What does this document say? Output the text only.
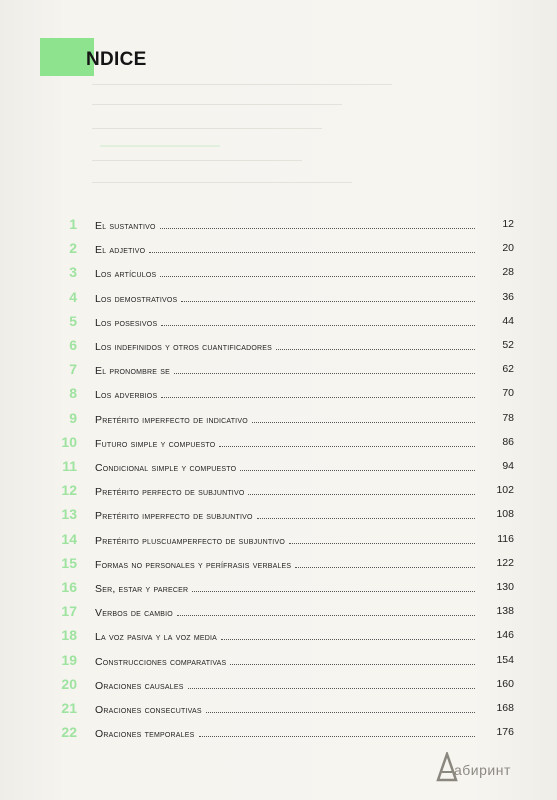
NDICE
1 El sustantivo	12
2 El adjetivo	20
3 Los artículos	28
4 Los demostrativos	36
5 Los posesivos	44
6 Los indefinidos y otros cuantificadores	52
7 El pronombre se	62
8 Los adverbios	70
9 Pretérito imperfecto de indicativo	78
10 Futuro simple y compuesto	86
11 Condicional simple y compuesto	94
12 Pretérito perfecto de subjuntivo	102
13 Pretérito imperfecto de subjuntivo	108
14 Pretérito pluscuamperfecto de subjuntivo	116
15 Formas no personales y perífrasis verbales	122
16 Ser, estar y parecer	130
17 Verbos de cambio	138
18 La voz pasiva y la voz media	146
19 Construcciones comparativas	154
20 Oraciones causales	160
21 Oraciones consecutivas	168
22 Oraciones temporales	176
абиринт
